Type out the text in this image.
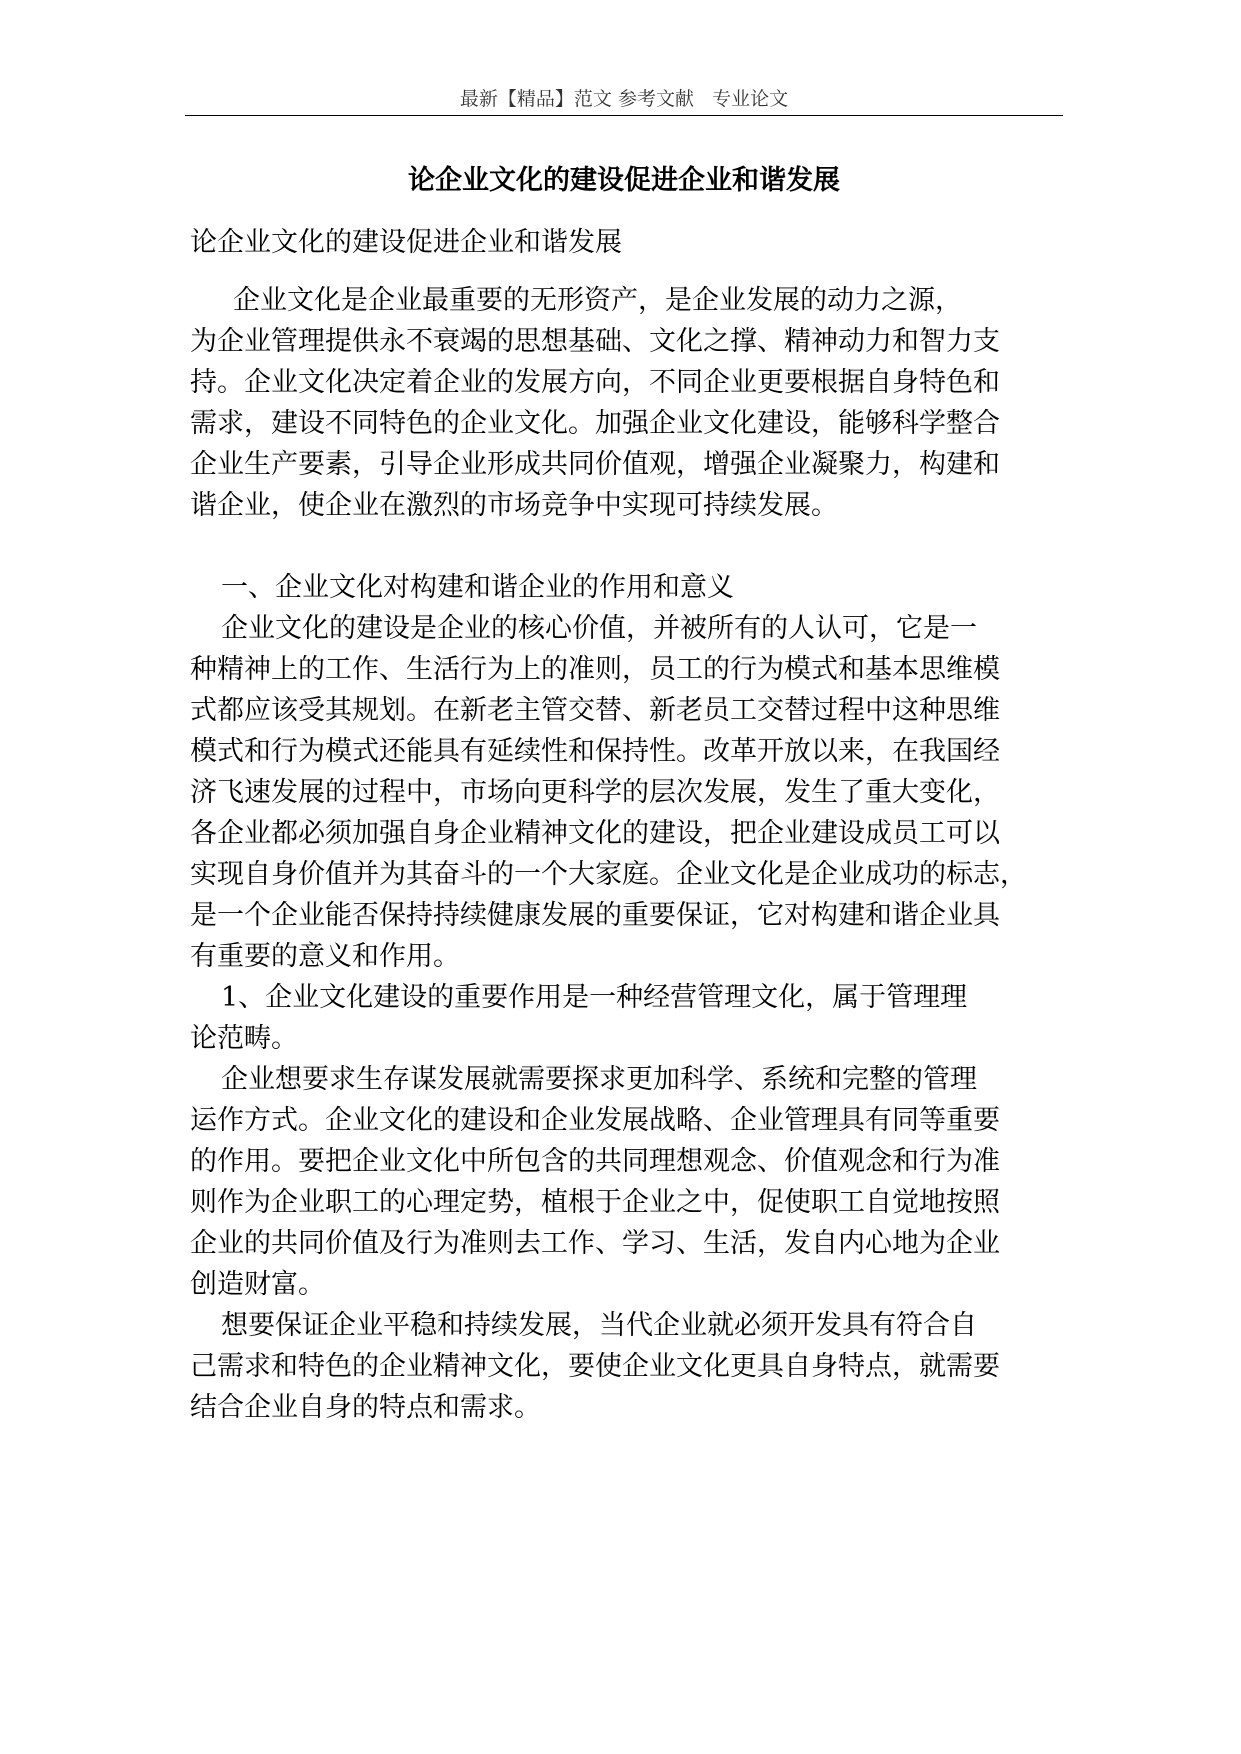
最新【精品】范文 参考文献   专业论文
论企业文化的建设促进企业和谐发展

论企业文化的建设促进企业和谐发展

企业文化是企业最重要的无形资产，是企业发展的动力之源，

为企业管理提供永不衰竭的思想基础、文化之撑、精神动力和智力支

持。企业文化决定着企业的发展方向，不同企业更要根据自身特色和

需求，建设不同特色的企业文化。加强企业文化建设，能够科学整合

企业生产要素，引导企业形成共同价值观，增强企业凝聚力，构建和

谐企业，使企业在激烈的市场竞争中实现可持续发展。

一、企业文化对构建和谐企业的作用和意义

企业文化的建设是企业的核心价值，并被所有的人认可，它是一

种精神上的工作、生活行为上的准则，员工的行为模式和基本思维模

式都应该受其规划。在新老主管交替、新老员工交替过程中这种思维

模式和行为模式还能具有延续性和保持性。改革开放以来，在我国经

济飞速发展的过程中，市场向更科学的层次发展，发生了重大变化，

各企业都必须加强自身企业精神文化的建设，把企业建设成员工可以

实现自身价值并为其奋斗的一个大家庭。企业文化是企业成功的标志，

是一个企业能否保持持续健康发展的重要保证，它对构建和谐企业具

有重要的意义和作用。

1、企业文化建设的重要作用是一种经营管理文化，属于管理理

论范畴。

企业想要求生存谋发展就需要探求更加科学、系统和完整的管理

运作方式。企业文化的建设和企业发展战略、企业管理具有同等重要

的作用。要把企业文化中所包含的共同理想观念、价值观念和行为准

则作为企业职工的心理定势，植根于企业之中，促使职工自觉地按照

企业的共同价值及行为准则去工作、学习、生活，发自内心地为企业

创造财富。

想要保证企业平稳和持续发展，当代企业就必须开发具有符合自

己需求和特色的企业精神文化，要使企业文化更具自身特点，就需要

结合企业自身的特点和需求。
